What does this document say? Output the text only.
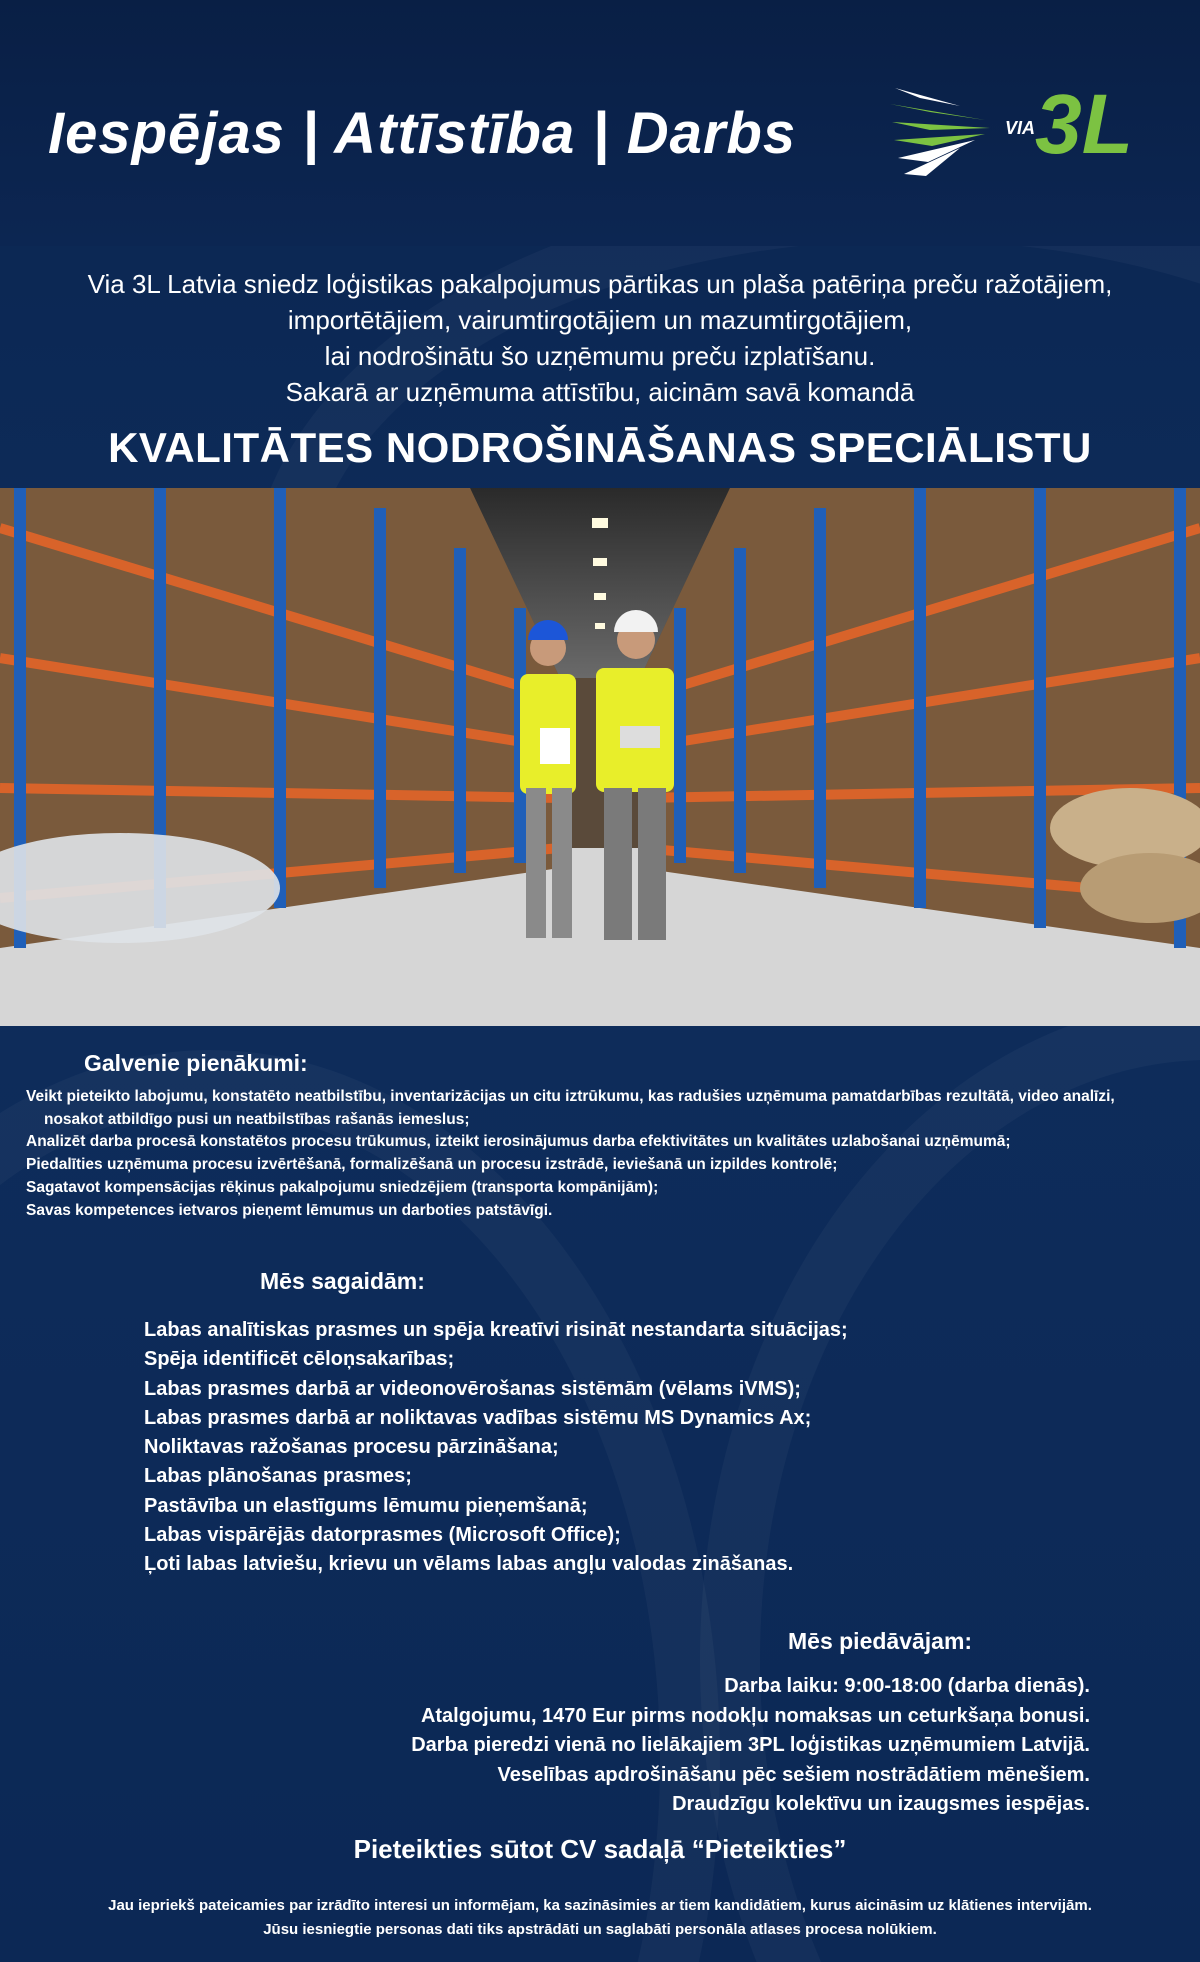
Iespējas | Attīstība | Darbs	VIA 3L

Via 3L Latvia sniedz loģistikas pakalpojumus pārtikas un plaša patēriņa preču ražotājiem,

importētājiem, vairumtirgotājiem un mazumtirgotājiem,

lai nodrošinātu šo uzņēmumu preču izplatīšanu.

Sakarā ar uzņēmuma attīstību, aicinām savā komandā

KVALITĀTES NODROŠINĀŠANAS SPECIĀLISTU
Galvenie pienākumi:
Veikt pieteikto labojumu, konstatēto neatbilstību, inventarizācijas un citu iztrūkumu, kas radušies uzņēmuma pamatdarbības rezultātā, video analīzi,
nosakot atbildīgo pusi un neatbilstības rašanās iemeslus;
Analizēt darba procesā konstatētos procesu trūkumus, izteikt ierosinājumus darba efektivitātes un kvalitātes uzlabošanai uzņēmumā;
Piedalīties uzņēmuma procesu izvērtēšanā, formalizēšanā un procesu izstrādē, ieviešanā un izpildes kontrolē;
Sagatavot kompensācijas rēķinus pakalpojumu sniedzējiem (transporta kompānijām);
Savas kompetences ietvaros pieņemt lēmumus un darboties patstāvīgi.
Mēs sagaidām:
Labas analītiskas prasmes un spēja kreatīvi risināt nestandarta situācijas;
Spēja identificēt cēloņsakarības;
Labas prasmes darbā ar videonovērošanas sistēmām (vēlams iVMS);
Labas prasmes darbā ar noliktavas vadības sistēmu MS Dynamics Ax;
Noliktavas ražošanas procesu pārzināšana;
Labas plānošanas prasmes;
Pastāvība un elastīgums lēmumu pieņemšanā;
Labas vispārējās datorprasmes (Microsoft Office);
Ļoti labas latviešu, krievu un vēlams labas angļu valodas zināšanas.
Mēs piedāvājam:
Darba laiku: 9:00-18:00 (darba dienās).
Atalgojumu, 1470 Eur pirms nodokļu nomaksas un ceturkšaņa bonusi.
Darba pieredzi vienā no lielākajiem 3PL loģistikas uzņēmumiem Latvijā.
Veselības apdrošināšanu pēc sešiem nostrādātiem mēnešiem.
Draudzīgu kolektīvu un izaugsmes iespējas.
Pieteikties sūtot CV sadaļā “Pieteikties”
Jau iepriekš pateicamies par izrādīto interesi un informējam, ka sazināsimies ar tiem kandidātiem, kurus aicināsim uz klātienes intervijām.
Jūsu iesniegtie personas dati tiks apstrādāti un saglabāti personāla atlases procesa nolūkiem.
